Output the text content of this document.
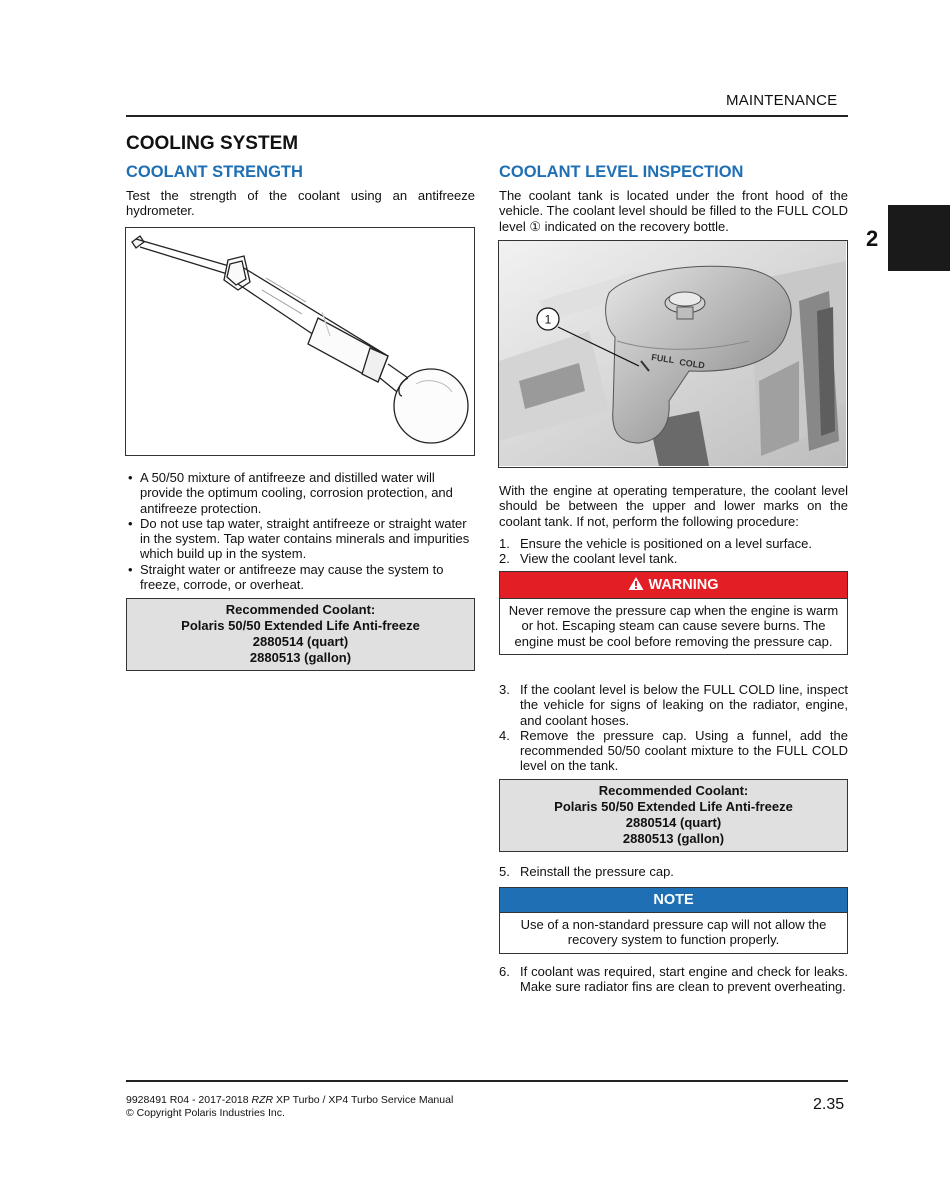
MAINTENANCE
2
COOLING SYSTEM
COOLANT STRENGTH
Test the strength of the coolant using an antifreeze hydrometer.
• A 50/50 mixture of antifreeze and distilled water will provide the optimum cooling, corrosion protection, and antifreeze protection.
• Do not use tap water, straight antifreeze or straight water in the system. Tap water contains minerals and impurities which build up in the system.
• Straight water or antifreeze may cause the system to freeze, corrode, or overheat.
Recommended Coolant:
Polaris 50/50 Extended Life Anti-freeze
2880514 (quart)
2880513 (gallon)
COOLANT LEVEL INSPECTION
The coolant tank is located under the front hood of the vehicle. The coolant level should be filled to the FULL COLD level ① indicated on the recovery bottle.
FULL COLD
1
With the engine at operating temperature, the coolant level should be between the upper and lower marks on the coolant tank. If not, perform the following procedure:
1. Ensure the vehicle is positioned on a level surface.
2. View the coolant level tank.
WARNING
Never remove the pressure cap when the engine is warm or hot. Escaping steam can cause severe burns. The engine must be cool before removing the pressure cap.
3. If the coolant level is below the FULL COLD line, inspect the vehicle for signs of leaking on the radiator, engine, and coolant hoses.
4. Remove the pressure cap. Using a funnel, add the recommended 50/50 coolant mixture to the FULL COLD level on the tank.
Recommended Coolant:
Polaris 50/50 Extended Life Anti-freeze
2880514 (quart)
2880513 (gallon)
5. Reinstall the pressure cap.
NOTE
Use of a non-standard pressure cap will not allow the recovery system to function properly.
6. If coolant was required, start engine and check for leaks. Make sure radiator fins are clean to prevent overheating.
9928491 R04 - 2017-2018 RZR XP Turbo / XP4 Turbo Service Manual
© Copyright Polaris Industries Inc.	2.35
